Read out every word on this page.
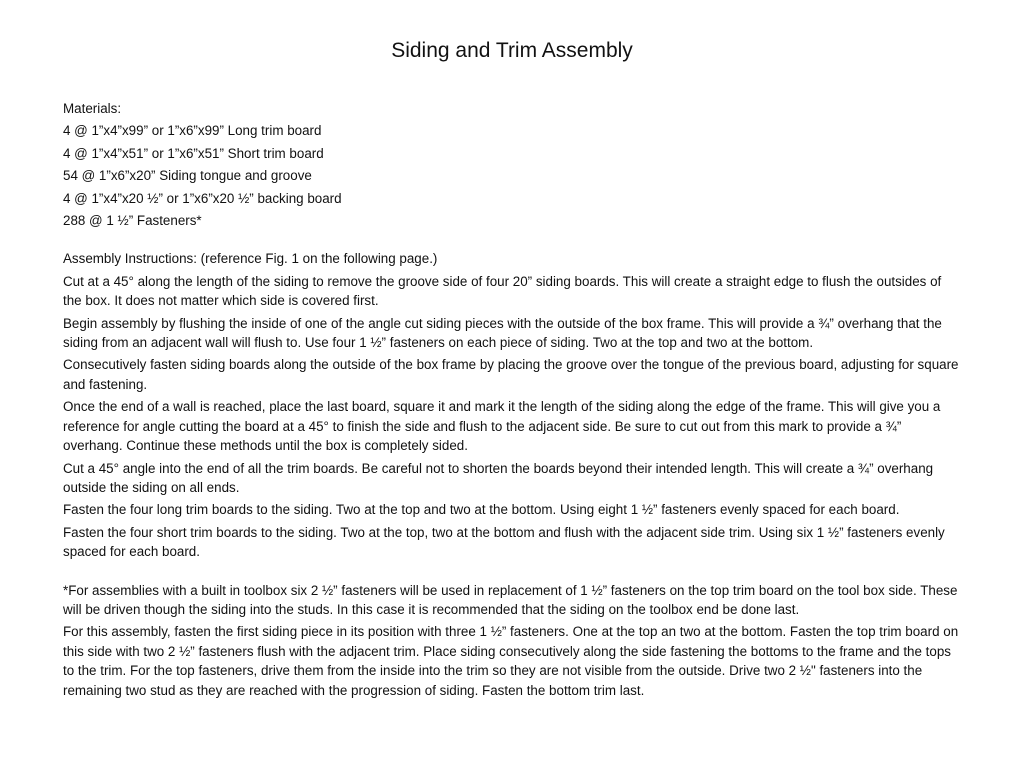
Siding and Trim Assembly
Materials:
4 @ 1”x4”x99” or 1”x6”x99” Long trim board
4 @ 1”x4”x51” or 1”x6”x51” Short trim board
54 @ 1”x6”x20” Siding tongue and groove
4 @ 1”x4”x20 ½” or 1”x6”x20 ½” backing board
288 @ 1 ½” Fasteners*
Assembly Instructions: (reference Fig. 1 on the following page.)
Cut at a 45° along the length of the siding to remove the groove side of four 20” siding boards. This will create a straight edge to flush the outsides of the box. It does not matter which side is covered first.
Begin assembly by flushing the inside of one of the angle cut siding pieces with the outside of the box frame. This will provide a ¾” overhang that the siding from an adjacent wall will flush to. Use four 1 ½” fasteners on each piece of siding. Two at the top and two at the bottom.
Consecutively fasten siding boards along the outside of the box frame by placing the groove over the tongue of the previous board, adjusting for square and fastening.
Once the end of a wall is reached, place the last board, square it and mark it the length of the siding along the edge of the frame. This will give you a reference for angle cutting the board at a 45° to finish the side and flush to the adjacent side. Be sure to cut out from this mark to provide a ¾” overhang. Continue these methods until the box is completely sided.
Cut a 45° angle into the end of all the trim boards. Be careful not to shorten the boards beyond their intended length. This will create a ¾” overhang outside the siding on all ends.
Fasten the four long trim boards to the siding. Two at the top and two at the bottom. Using eight 1 ½” fasteners evenly spaced for each board.
Fasten the four short trim boards to the siding. Two at the top, two at the bottom and flush with the adjacent side trim. Using six 1 ½” fasteners evenly spaced for each board.
*For assemblies with a built in toolbox six 2 ½” fasteners will be used in replacement of 1 ½” fasteners on the top trim board on the tool box side. These will be driven though the siding into the studs. In this case it is recommended that the siding on the toolbox end be done last.
For this assembly, fasten the first siding piece in its position with three 1 ½” fasteners. One at the top an two at the bottom. Fasten the top trim board on this side with two 2 ½” fasteners flush with the adjacent trim. Place siding consecutively along the side fastening the bottoms to the frame and the tops to the trim. For the top fasteners, drive them from the inside into the trim so they are not visible from the outside. Drive two 2 ½" fasteners into the remaining two stud as they are reached with the progression of siding. Fasten the bottom trim last.
